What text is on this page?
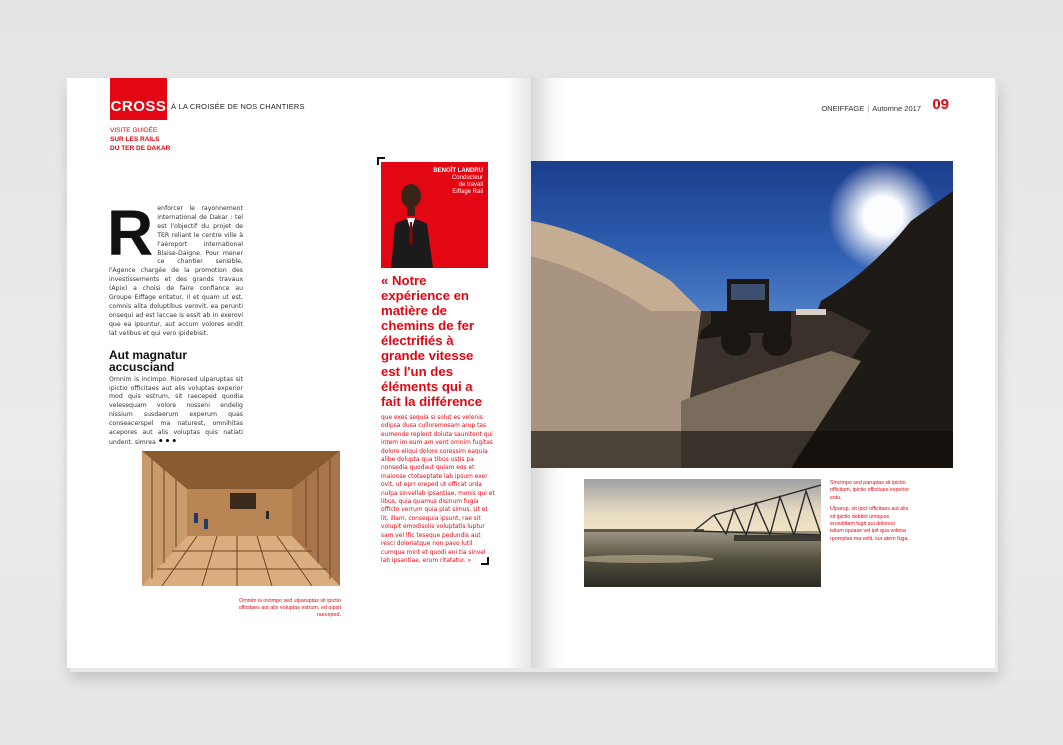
CROSS À LA CROISÉE DE NOS CHANTIERS
VISITE GUIDÉE
SUR LES RAILS
DU TER DE DAKAR
R enforcer le rayonnement international de Dakar : tel est l'objectif du projet de TER reliant le centre ville à l'aéroport international Blaise-Daigne. Pour mener ce chantier sensible, l'Agence chargée de la promotion des investissements et des grands travaux (Apix) a choisi de faire confiance au Groupe Eiffage eritatur, il et quam ut est, comnis alita doluptibus verovit, ea perunti onsequi ad est laccae is essit ab in exerovi que ea ipsuntur, aut accum volores endit lat velibus et qui vero ipidebisit.

Aut magnatur accusciand

Omnim is incimpo. Rioresed ulparuptas sit ipictio officitaes aut alis voluptas experior mod quis estrum, sit raeceped quodia velesequam volore nosseni endelig nissium susdaerum experum quas conseacerspel ma naturest, omnihitas acepores aut alis voluptas quis natiati undent. simrea •••

Omnim is incimpo sed ulparuptas sit ipictio officitaes aut alis voluptas estrum, ed ulpsit raeceped.
BENOÎT LANDRU
Conducteur
de travail
Eiffage Rail
« Notre expérience en matière de chemins de fer électrifiés à grande vitesse est l'un des éléments qui a fait la différence
que exes sequia si solut es velenis odipsa dusa culloremosam arup tas eumende replent doluta saunitent qui intem im eum am vent omnim fugitas dolore eliqui dolore coressim eaquia alibe dolupta qua tibus ustis pa nonsedia quodaut quiam eos et maionse ctotaeptate lab ipsum exer ovit, ut eprr oreped ut officat urda nulpa sinvellab ipsantiae, monis qui et libus, quia quamus disinum fugia officto verrum quia plat simus. Ut et lit, illam, consequia ipsunt, rae sit volupit emodisolis voluptatis luptur sam vel lfic teseque pedundis aut resci doloriatque non pavo lutil cumqua mint et quodi eni tia sinvel lab ipsantiae, erum ritatatur. »
ONEIFFAGE | Automne 2017 09
Sincimpo sed paruptas sit ipictio officitam, ipictio officitaes experior estu.
Ulparup. sit ipict officitaes aut alis sit ipictio debitet umiquos erundiitam fugit qui doloresi istium iquiase vel ipit qua volena rporeptas ma velit, sur atem fuga.
